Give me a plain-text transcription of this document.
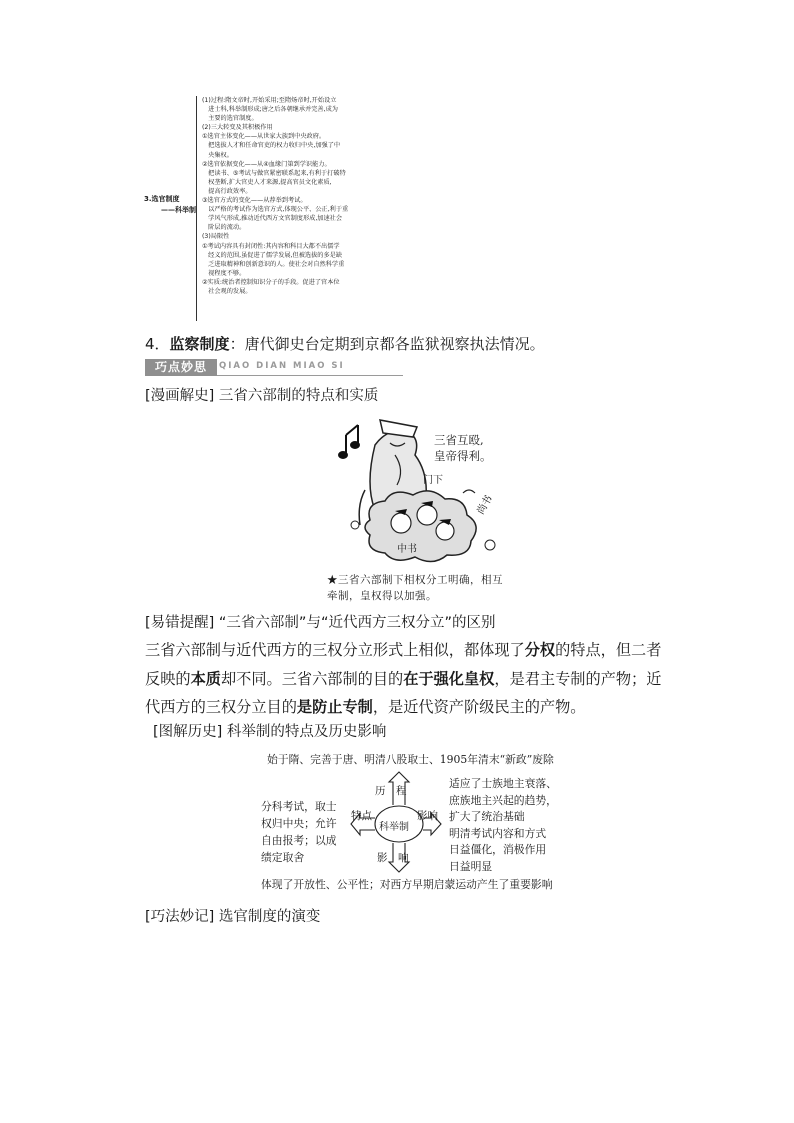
3.选官制度
——科举制
(1)过程:隋文帝时,开始采用;至隋炀帝时,开始设立
　进士科,科举制形成;唐之后各朝继承并完善,成为
　主要的选官制度。
(2)三大转变及其积极作用
①选官主体变化——从世家大族到中央政府。
　把选拔人才和任命官吏的权力收归中央,加强了中
　央集权。
②选官依据变化——从④血缘门第到学识能力。
　把读书、⑤考试与做官紧密联系起来,有利于打破特
　权垄断,扩大官吏人才来源,提高官员文化素质,
　提高行政效率。
③选官方式的变化——从荐举到考试。
　以严格的考试作为选官方式,体现公平、公正,利于重
　学风气形成,推动近代西方文官制度形成,加速社会
　阶层的流动。
(3)局限性
①考试内容具有封闭性:其内容和科目大都不出儒学
　经义的范围,虽促进了儒学发展,但被选拔的多是缺
　乏进取精神和创新意识的人。使社会对自然科学重
　视程度不够。
②实质:统治者控制知识分子的手段。促进了官本位
　社会观的发展。
4．监察制度：唐代御史台定期到京都各监狱视察执法情况。
巧点妙思	QIAO DIAN MIAO SI
[漫画解史] 三省六部制的特点和实质
门下
尚书
中书
三省互殴,
皇帝得利。
★三省六部制下相权分工明确，相互牵制，皇权得以加强。
[易错提醒] “三省六部制”与“近代西方三权分立”的区别
三省六部制与近代西方的三权分立形式上相似，都体现了分权的特点，但二者反映的本质却不同。三省六部制的目的在于强化皇权，是君主专制的产物；近代西方的三权分立目的是防止专制，是近代资产阶级民主的产物。
[图解历史] 科举制的特点及历史影响
始于隋、完善于唐、明清八股取士、1905年清末“新政”废除
科举制
历　程
特点	影响
影　响
分科考试，取士
权归中央；允许
自由报考；以成
绩定取舍
适应了士族地主衰落、
庶族地主兴起的趋势，
扩大了统治基础
明清考试内容和方式
日益僵化，消极作用
日益明显
体现了开放性、公平性；对西方早期启蒙运动产生了重要影响
[巧法妙记] 选官制度的演变
